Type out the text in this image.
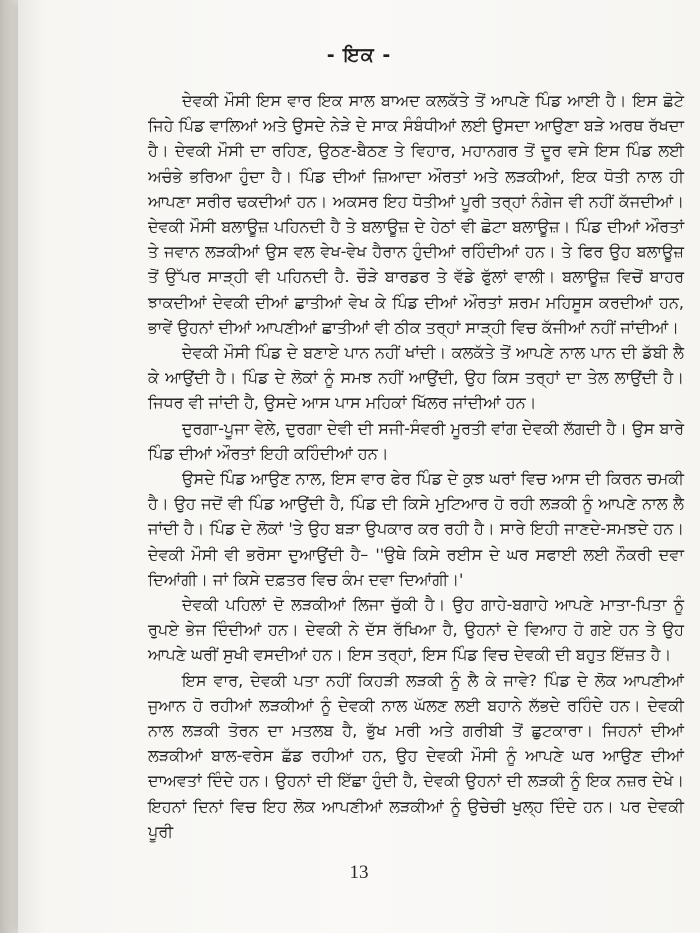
- ਇਕ -

ਦੇਵਕੀ ਮੌਸੀ ਇਸ ਵਾਰ ਇਕ ਸਾਲ ਬਾਅਦ ਕਲਕੱਤੇ ਤੋਂ ਆਪਣੇ ਪਿੰਡ ਆਈ ਹੈ। ਇਸ ਛੋਟੇ ਜਿਹੇ ਪਿੰਡ ਵਾਲਿਆਂ ਅਤੇ ਉਸਦੇ ਨੇੜੇ ਦੇ ਸਾਕ ਸੰਬੰਧੀਆਂ ਲਈ ਉਸਦਾ ਆਉਣਾ ਬੜੇ ਅਰਥ ਰੱਖਦਾ ਹੈ। ਦੇਵਕੀ ਮੌਸੀ ਦਾ ਰਹਿਣ, ਉਠਣ-ਬੈਠਣ ਤੇ ਵਿਹਾਰ, ਮਹਾਨਗਰ ਤੋਂ ਦੂਰ ਵਸੇ ਇਸ ਪਿੰਡ ਲਈ ਅਚੰਭੇ ਭਰਿਆ ਹੁੰਦਾ ਹੈ। ਪਿੰਡ ਦੀਆਂ ਜ਼ਿਆਦਾ ਔਰਤਾਂ ਅਤੇ ਲੜਕੀਆਂ, ਇਕ ਧੋਤੀ ਨਾਲ ਹੀ ਆਪਣਾ ਸਰੀਰ ਢਕਦੀਆਂ ਹਨ। ਅਕਸਰ ਇਹ ਧੋਤੀਆਂ ਪੂਰੀ ਤਰ੍ਹਾਂ ਨੰਗੇਜ ਵੀ ਨਹੀਂ ਕੱਜਦੀਆਂ। ਦੇਵਕੀ ਮੌਸੀ ਬਲਾਊਜ਼ ਪਹਿਨਦੀ ਹੈ ਤੇ ਬਲਾਊਜ਼ ਦੇ ਹੇਠਾਂ ਵੀ ਛੋਟਾ ਬਲਾਊਜ਼। ਪਿੰਡ ਦੀਆਂ ਔਰਤਾਂ ਤੇ ਜਵਾਨ ਲੜਕੀਆਂ ਉਸ ਵਲ ਵੇਖ-ਵੇਖ ਹੈਰਾਨ ਹੁੰਦੀਆਂ ਰਹਿੰਦੀਆਂ ਹਨ। ਤੇ ਫਿਰ ਉਹ ਬਲਾਊਜ਼ ਤੋਂ ਉੱਪਰ ਸਾੜ੍ਹੀ ਵੀ ਪਹਿਨਦੀ ਹੈ. ਚੌੜੇ ਬਾਰਡਰ ਤੇ ਵੱਡੇ ਫੁੱਲਾਂ ਵਾਲੀ। ਬਲਾਊਜ਼ ਵਿਚੋਂ ਬਾਹਰ ਝਾਕਦੀਆਂ ਦੇਵਕੀ ਦੀਆਂ ਛਾਤੀਆਂ ਵੇਖ ਕੇ ਪਿੰਡ ਦੀਆਂ ਔਰਤਾਂ ਸ਼ਰਮ ਮਹਿਸੂਸ ਕਰਦੀਆਂ ਹਨ, ਭਾਵੇਂ ਉਹਨਾਂ ਦੀਆਂ ਆਪਣੀਆਂ ਛਾਤੀਆਂ ਵੀ ਠੀਕ ਤਰ੍ਹਾਂ ਸਾੜ੍ਹੀ ਵਿਚ ਕੱਜੀਆਂ ਨਹੀਂ ਜਾਂਦੀਆਂ।

ਦੇਵਕੀ ਮੌਸੀ ਪਿੰਡ ਦੇ ਬਣਾਏ ਪਾਨ ਨਹੀਂ ਖਾਂਦੀ। ਕਲਕੱਤੇ ਤੋਂ ਆਪਣੇ ਨਾਲ ਪਾਨ ਦੀ ਡੱਬੀ ਲੈ ਕੇ ਆਉਂਦੀ ਹੈ। ਪਿੰਡ ਦੇ ਲੋਕਾਂ ਨੂੰ ਸਮਝ ਨਹੀਂ ਆਉਂਦੀ, ਉਹ ਕਿਸ ਤਰ੍ਹਾਂ ਦਾ ਤੇਲ ਲਾਉਂਦੀ ਹੈ। ਜਿਧਰ ਵੀ ਜਾਂਦੀ ਹੈ, ਉਸਦੇ ਆਸ ਪਾਸ ਮਹਿਕਾਂ ਖਿੱਲਰ ਜਾਂਦੀਆਂ ਹਨ।

ਦੁਰਗਾ-ਪੂਜਾ ਵੇਲੇ, ਦੁਰਗਾ ਦੇਵੀ ਦੀ ਸਜੀ-ਸੰਵਰੀ ਮੂਰਤੀ ਵਾਂਗ ਦੇਵਕੀ ਲੱਗਦੀ ਹੈ। ਉਸ ਬਾਰੇ ਪਿੰਡ ਦੀਆਂ ਔਰਤਾਂ ਇਹੀ ਕਹਿੰਦੀਆਂ ਹਨ।

ਉਸਦੇ ਪਿੰਡ ਆਉਣ ਨਾਲ, ਇਸ ਵਾਰ ਫੇਰ ਪਿੰਡ ਦੇ ਕੁਝ ਘਰਾਂ ਵਿਚ ਆਸ ਦੀ ਕਿਰਨ ਚਮਕੀ ਹੈ। ਉਹ ਜਦੋਂ ਵੀ ਪਿੰਡ ਆਉਂਦੀ ਹੈ, ਪਿੰਡ ਦੀ ਕਿਸੇ ਮੁਟਿਆਰ ਹੋ ਰਹੀ ਲੜਕੀ ਨੂੰ ਆਪਣੇ ਨਾਲ ਲੈ ਜਾਂਦੀ ਹੈ। ਪਿੰਡ ਦੇ ਲੋਕਾਂ 'ਤੇ ਉਹ ਬੜਾ ਉਪਕਾਰ ਕਰ ਰਹੀ ਹੈ। ਸਾਰੇ ਇਹੀ ਜਾਣਦੇ-ਸਮਝਦੇ ਹਨ। ਦੇਵਕੀ ਮੌਸੀ ਵੀ ਭਰੋਸਾ ਦੁਆਉਂਦੀ ਹੈ– ''ਉਥੇ ਕਿਸੇ ਰਈਸ ਦੇ ਘਰ ਸਫਾਈ ਲਈ ਨੌਕਰੀ ਦਵਾ ਦਿਆਂਗੀ। ਜਾਂ ਕਿਸੇ ਦਫ਼ਤਰ ਵਿਚ ਕੰਮ ਦਵਾ ਦਿਆਂਗੀ।'

ਦੇਵਕੀ ਪਹਿਲਾਂ ਦੋ ਲੜਕੀਆਂ ਲਿਜਾ ਚੁੱਕੀ ਹੈ। ਉਹ ਗਾਹੇ-ਬਗਾਹੇ ਆਪਣੇ ਮਾਤਾ-ਪਿਤਾ ਨੂੰ ਰੁਪਏ ਭੇਜ ਦਿੰਦੀਆਂ ਹਨ। ਦੇਵਕੀ ਨੇ ਦੱਸ ਰੱਖਿਆ ਹੈ, ਉਹਨਾਂ ਦੇ ਵਿਆਹ ਹੋ ਗਏ ਹਨ ਤੇ ਉਹ ਆਪਣੇ ਘਰੀਂ ਸੁਖੀ ਵਸਦੀਆਂ ਹਨ। ਇਸ ਤਰ੍ਹਾਂ, ਇਸ ਪਿੰਡ ਵਿਚ ਦੇਵਕੀ ਦੀ ਬਹੁਤ ਇੱਜ਼ਤ ਹੈ।

ਇਸ ਵਾਰ, ਦੇਵਕੀ ਪਤਾ ਨਹੀਂ ਕਿਹੜੀ ਲੜਕੀ ਨੂੰ ਲੈ ਕੇ ਜਾਵੇ? ਪਿੰਡ ਦੇ ਲੋਕ ਆਪਣੀਆਂ ਜੁਆਨ ਹੋ ਰਹੀਆਂ ਲੜਕੀਆਂ ਨੂੰ ਦੇਵਕੀ ਨਾਲ ਘੱਲਣ ਲਈ ਬਹਾਨੇ ਲੱਭਦੇ ਰਹਿੰਦੇ ਹਨ। ਦੇਵਕੀ ਨਾਲ ਲੜਕੀ ਤੋਰਨ ਦਾ ਮਤਲਬ ਹੈ, ਭੁੱਖ ਮਰੀ ਅਤੇ ਗਰੀਬੀ ਤੋਂ ਛੁਟਕਾਰਾ। ਜਿਹਨਾਂ ਦੀਆਂ ਲੜਕੀਆਂ ਬਾਲ-ਵਰੇਸ ਛੱਡ ਰਹੀਆਂ ਹਨ, ਉਹ ਦੇਵਕੀ ਮੌਸੀ ਨੂੰ ਆਪਣੇ ਘਰ ਆਉਣ ਦੀਆਂ ਦਾਅਵਤਾਂ ਦਿੰਦੇ ਹਨ। ਉਹਨਾਂ ਦੀ ਇੱਛਾ ਹੁੰਦੀ ਹੈ, ਦੇਵਕੀ ਉਹਨਾਂ ਦੀ ਲੜਕੀ ਨੂੰ ਇਕ ਨਜ਼ਰ ਦੇਖੇ। ਇਹਨਾਂ ਦਿਨਾਂ ਵਿਚ ਇਹ ਲੋਕ ਆਪਣੀਆਂ ਲੜਕੀਆਂ ਨੂੰ ਉਚੇਚੀ ਖੁਲ੍ਹ ਦਿੰਦੇ ਹਨ। ਪਰ ਦੇਵਕੀ ਪੂਰੀ

13
